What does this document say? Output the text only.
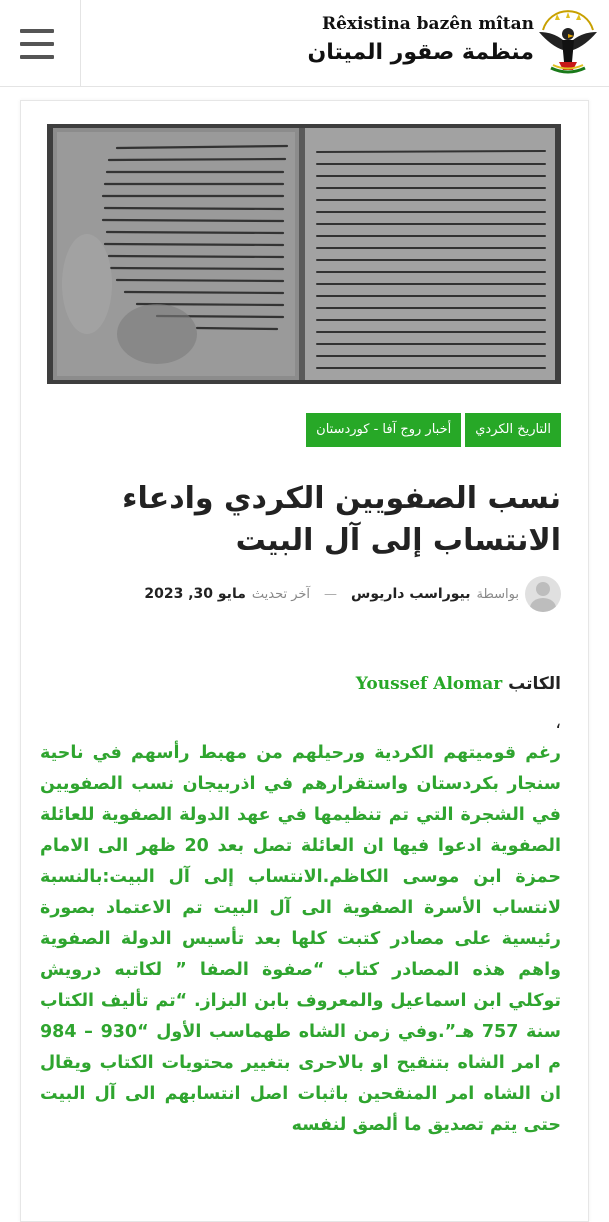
Rêxistina bazên mîtan
منظمة صقور الميتان
التاريخ الكردي
أخبار روج آفا - كوردستان
نسب الصفويين الكردي وادعاء الانتساب إلى آل البيت
بواسطة
بيوراسب داريوس
—
آخر تحديث
مايو 30, 2023
الكاتب Youssef Alomar
،

رغم قوميتهم الكردية ورحيلهم من مهبط رأسهم في ناحية سنجار بكردستان واستقرارهم في اذربيجان نسب الصفويين في الشجرة التي تم تنظيمها في عهد الدولة الصفوية للعائلة الصفوية ادعوا فيها ان العائلة تصل بعد 20 ظهر الى الامام حمزة ابن موسى الكاظم.الانتساب إلى آل البيت:بالنسبة لانتساب الأسرة الصفوية الى آل البيت تم الاعتماد بصورة رئيسية على مصادر كتبت كلها بعد تأسيس الدولة الصفوية واهم هذه المصادر كتاب “صفوة الصفا ” لكاتبه درويش توكلي ابن اسماعيل والمعروف بابن البزاز. “تم تأليف الكتاب سنة 757 هـ”.وفي زمن الشاه طهماسب الأول “930 – 984 م امر الشاه بتنقيح او بالاحرى بتغيير محتويات الكتاب ويقال ان الشاه امر المنقحين باثبات اصل انتسابهم الى آل البيت حتى يتم تصديق ما ألصق لنفسه
